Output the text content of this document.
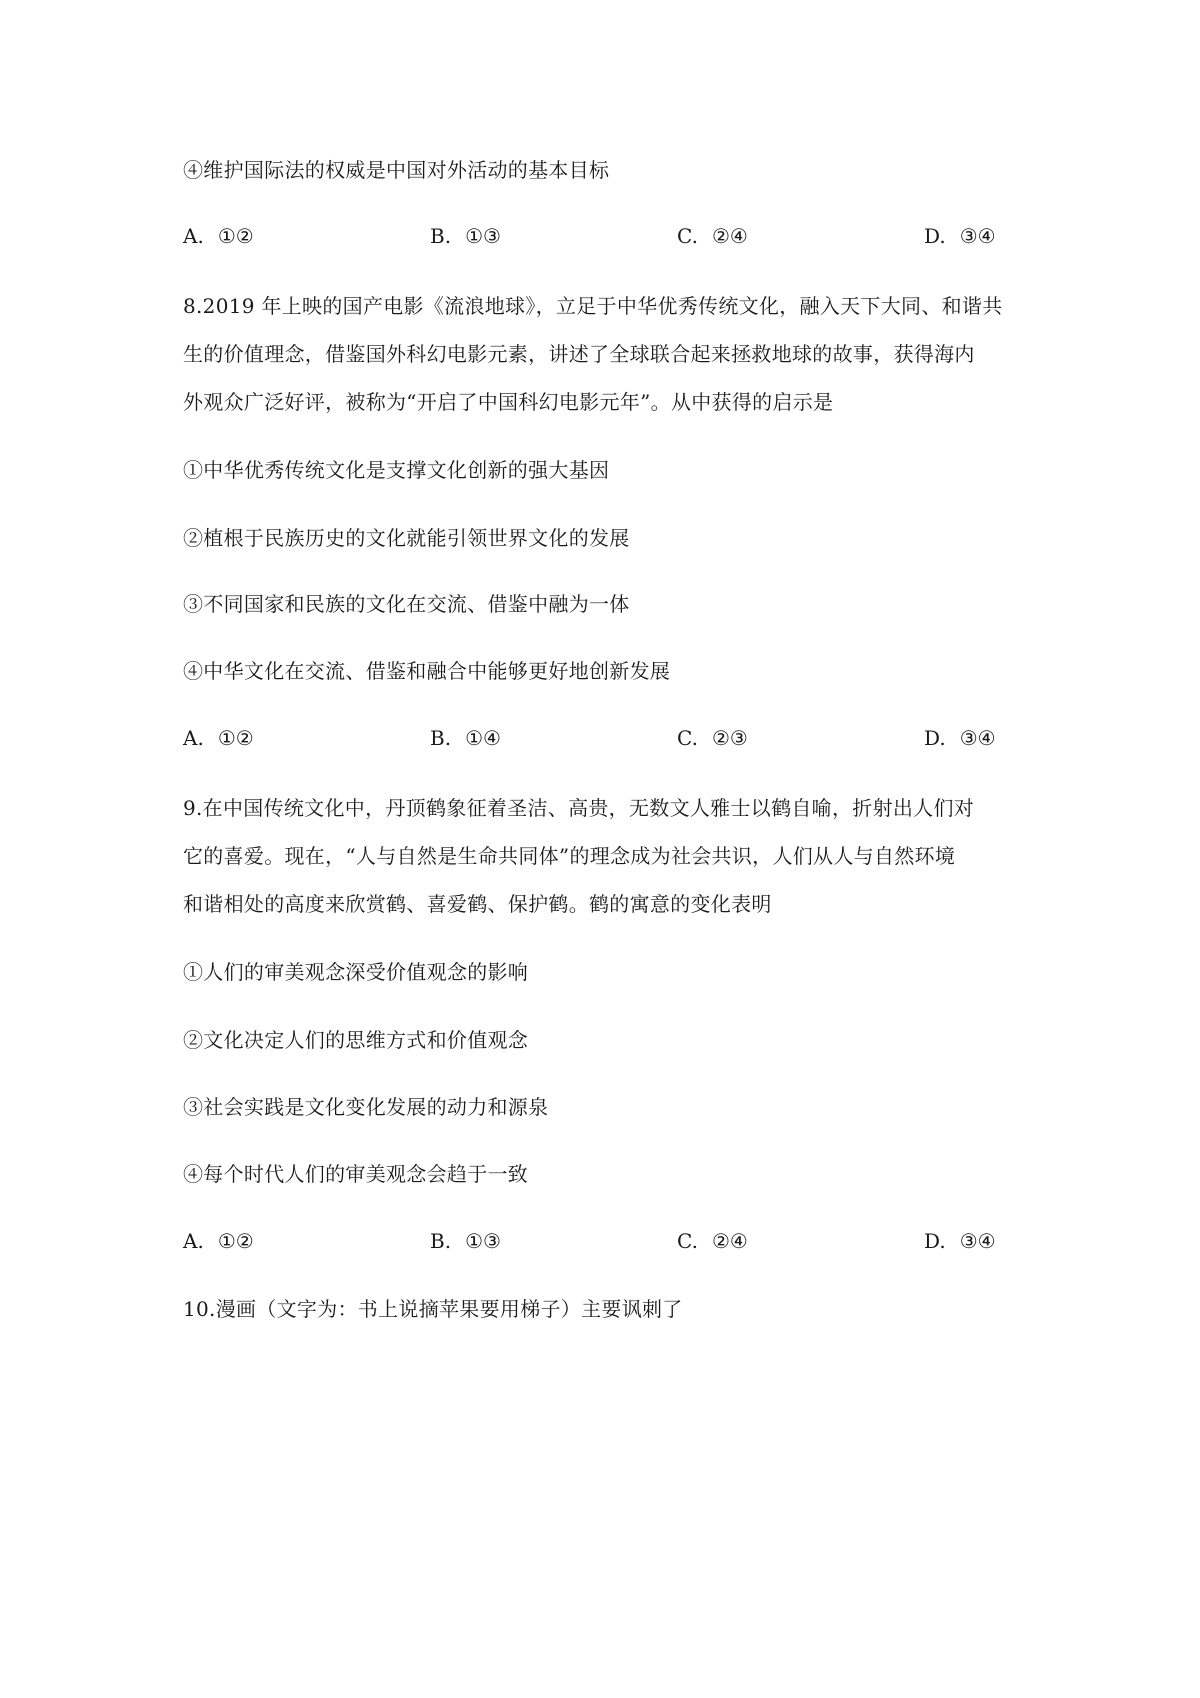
④维护国际法的权威是中国对外活动的基本目标
A. ①②	B. ①③	C. ②④	D. ③④
8.2019 年上映的国产电影《流浪地球》，立足于中华优秀传统文化，融入天下大同、和谐共
生的价值理念，借鉴国外科幻电影元素，讲述了全球联合起来拯救地球的故事，获得海内
外观众广泛好评，被称为“开启了中国科幻电影元年”。从中获得的启示是
①中华优秀传统文化是支撑文化创新的强大基因
②植根于民族历史的文化就能引领世界文化的发展
③不同国家和民族的文化在交流、借鉴中融为一体
④中华文化在交流、借鉴和融合中能够更好地创新发展
A. ①②	B. ①④	C. ②③	D. ③④
9.在中国传统文化中，丹顶鹤象征着圣洁、高贵，无数文人雅士以鹤自喻，折射出人们对
它的喜爱。现在，“人与自然是生命共同体”的理念成为社会共识，人们从人与自然环境
和谐相处的高度来欣赏鹤、喜爱鹤、保护鹤。鹤的寓意的变化表明
①人们的审美观念深受价值观念的影响
②文化决定人们的思维方式和价值观念
③社会实践是文化变化发展的动力和源泉
④每个时代人们的审美观念会趋于一致
A. ①②	B. ①③	C. ②④	D. ③④
10.漫画（文字为：书上说摘苹果要用梯子）主要讽刺了
